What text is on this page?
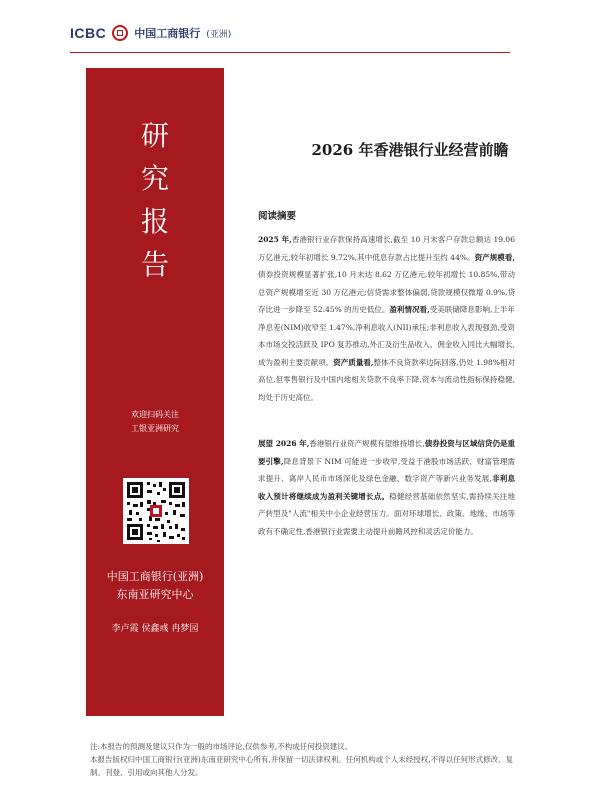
ICBC	中国工商银行 (亚洲)
研
究
报
告
欢迎扫码关注
工银亚洲研究
中国工商银行(亚洲)
东南亚研究中心
李卢霞 侯鑫彧 冉梦园
2026 年香港银行业经营前瞻
阅读摘要

2025 年,香港银行业存款保持高速增长,截至 10 月末客户存款总额达 19.06 万亿港元,较年初增长 9.72%,其中低息存款占比提升至约 44%。资产规模看,债券投资规模显著扩张,10 月末达 8.62 万亿港元,较年初增长 10.85%,带动总资产规模增至近 30 万亿港元;信贷需求整体偏弱,贷款规模仅微增 0.9%,贷存比进一步降至 52.45% 的历史低位。盈利情况看,受美联储降息影响,上半年净息差(NIM)收窄至 1.47%,净利息收入(NII)承压;非利息收入表现强劲,受资本市场交投活跃及 IPO 复苏推动,外汇及衍生品收入、佣金收入同比大幅增长,成为盈利主要贡献项。资产质量看,整体不良贷款率边际回落,仍处 1.98%相对高位,但零售银行及中国内地相关贷款不良率下降,资本与流动性指标保持稳健,均处于历史高位。

展望 2026 年,香港银行业资产规模有望维持增长,债券投资与区域信贷仍是重要引擎,降息背景下 NIM 可能进一步收窄,受益于港股市场活跃、财富管理需求提升、离岸人民币市场深化及绿色金融、数字资产等新兴业务发展,非利息收入预计将继续成为盈利关键增长点。稳健经营基础依然坚实,需持续关注地产转型及"人流"相关中小企业经营压力。面对环球增长、政策、地缘、市场等政有不确定性,香港银行业需要主动提升前瞻风控和灵活定价能力。

注:本报告的预测及建议只作为一般的市场评论,仅供参考,不构成任何投资建议。
本报告版权归中国工商银行(亚洲)东南亚研究中心所有,并保留一切法律权利。任何机构或个人未经授权,不得以任何形式修改、复制、刊登、引用或向其他人分发。
